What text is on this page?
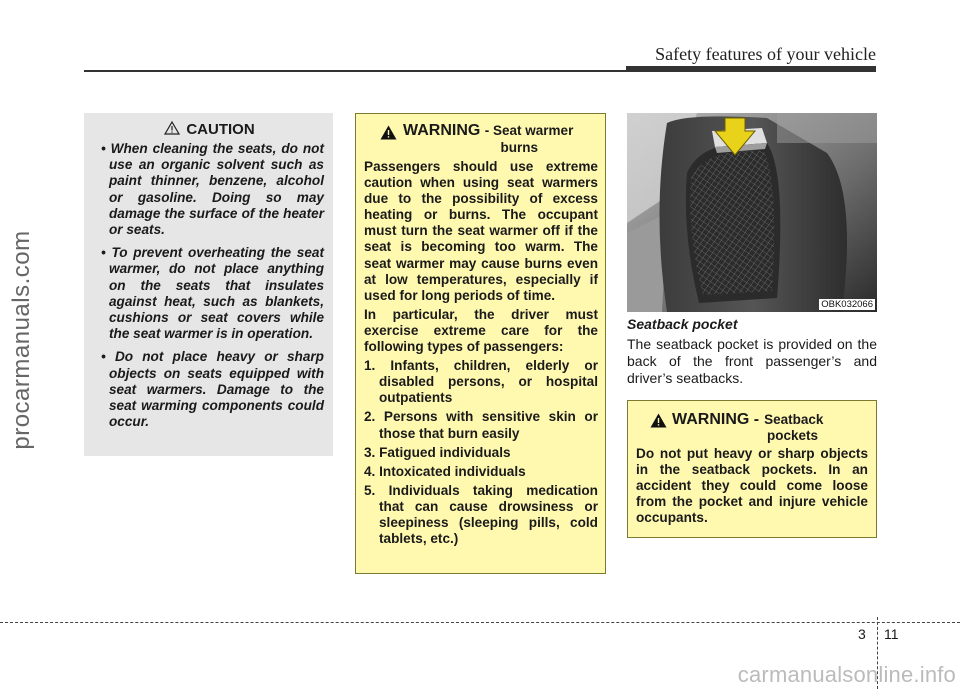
procarmanuals.com
Safety features of your vehicle
CAUTION
• When cleaning the seats, do not use an organic solvent such as paint thinner, benzene, alcohol or gasoline. Doing so may damage the surface of the heater or seats.
• To prevent overheating the seat warmer, do not place anything on the seats that insulates against heat, such as blankets, cushions or seat covers while the seat warmer is in operation.
• Do not place heavy or sharp objects on seats equipped with seat warmers. Damage to the seat warming components could occur.
WARNING
- Seat warmer
burns

Passengers should use extreme caution when using seat warmers due to the possibility of excess heating or burns. The occupant must turn the seat warmer off if the seat is becoming too warm. The seat warmer may cause burns even at low temperatures, especially if used for long periods of time.

In particular, the driver must exercise extreme care for the following types of passengers:

1. Infants, children, elderly or disabled persons, or hospital outpatients
2. Persons with sensitive skin or those that burn easily
3. Fatigued individuals
4. Intoxicated individuals
5. Individuals taking medication that can cause drowsiness or sleepiness (sleeping pills, cold tablets, etc.)
OBK032066
Seatback pocket
The seatback pocket is provided on the back of the front passenger’s and driver’s seatbacks.
WARNING - Seatback
pockets
Do not put heavy or sharp objects in the seatback pockets. In an accident they could come loose from the pocket and injure vehicle occupants.
3 11
carmanualsonline.info
